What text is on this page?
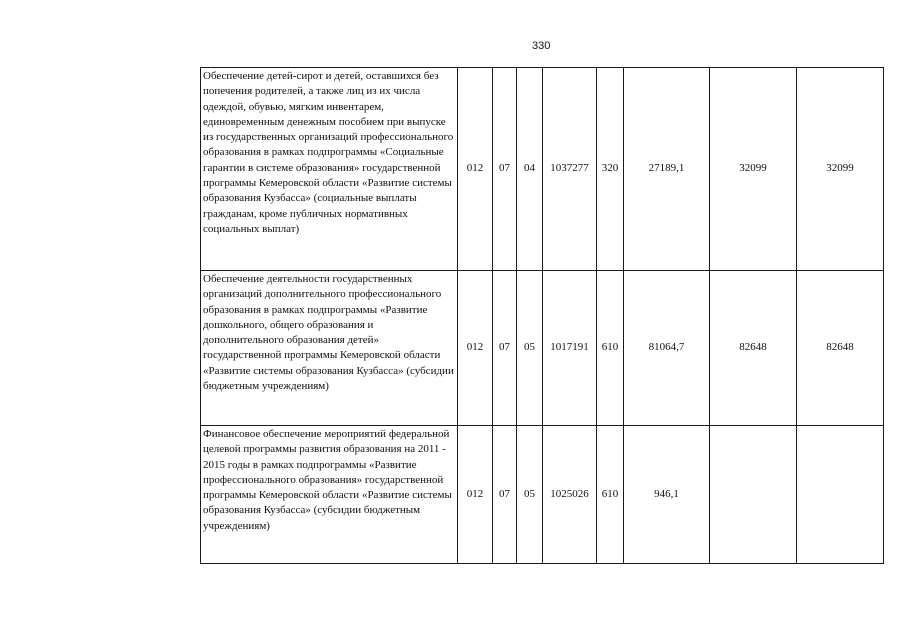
330
Обеспечение детей-сирот и детей, оставшихся без попечения родителей, а также лиц из их числа одеждой, обувью, мягким инвентарем, единовременным денежным пособием при выпуске из государственных организаций профессионального образования в рамках подпрограммы «Социальные гарантии в системе образования» государственной программы Кемеровской области «Развитие системы образования Кузбасса» (социальные выплаты гражданам, кроме публичных нормативных социальных выплат)	012	07	04	1037277	320	27189,1	32099	32099
Обеспечение деятельности государственных организаций дополнительного профессионального образования в рамках подпрограммы «Развитие дошкольного, общего образования и дополнительного образования детей» государственной программы Кемеровской области «Развитие системы образования Кузбасса» (субсидии бюджетным учреждениям)	012	07	05	1017191	610	81064,7	82648	82648
Финансовое обеспечение мероприятий федеральной целевой программы развития образования на 2011 - 2015 годы в рамках подпрограммы «Развитие профессионального образования» государственной программы Кемеровской области «Развитие системы образования Кузбасса» (субсидии бюджетным учреждениям)	012	07	05	1025026	610	946,1		
